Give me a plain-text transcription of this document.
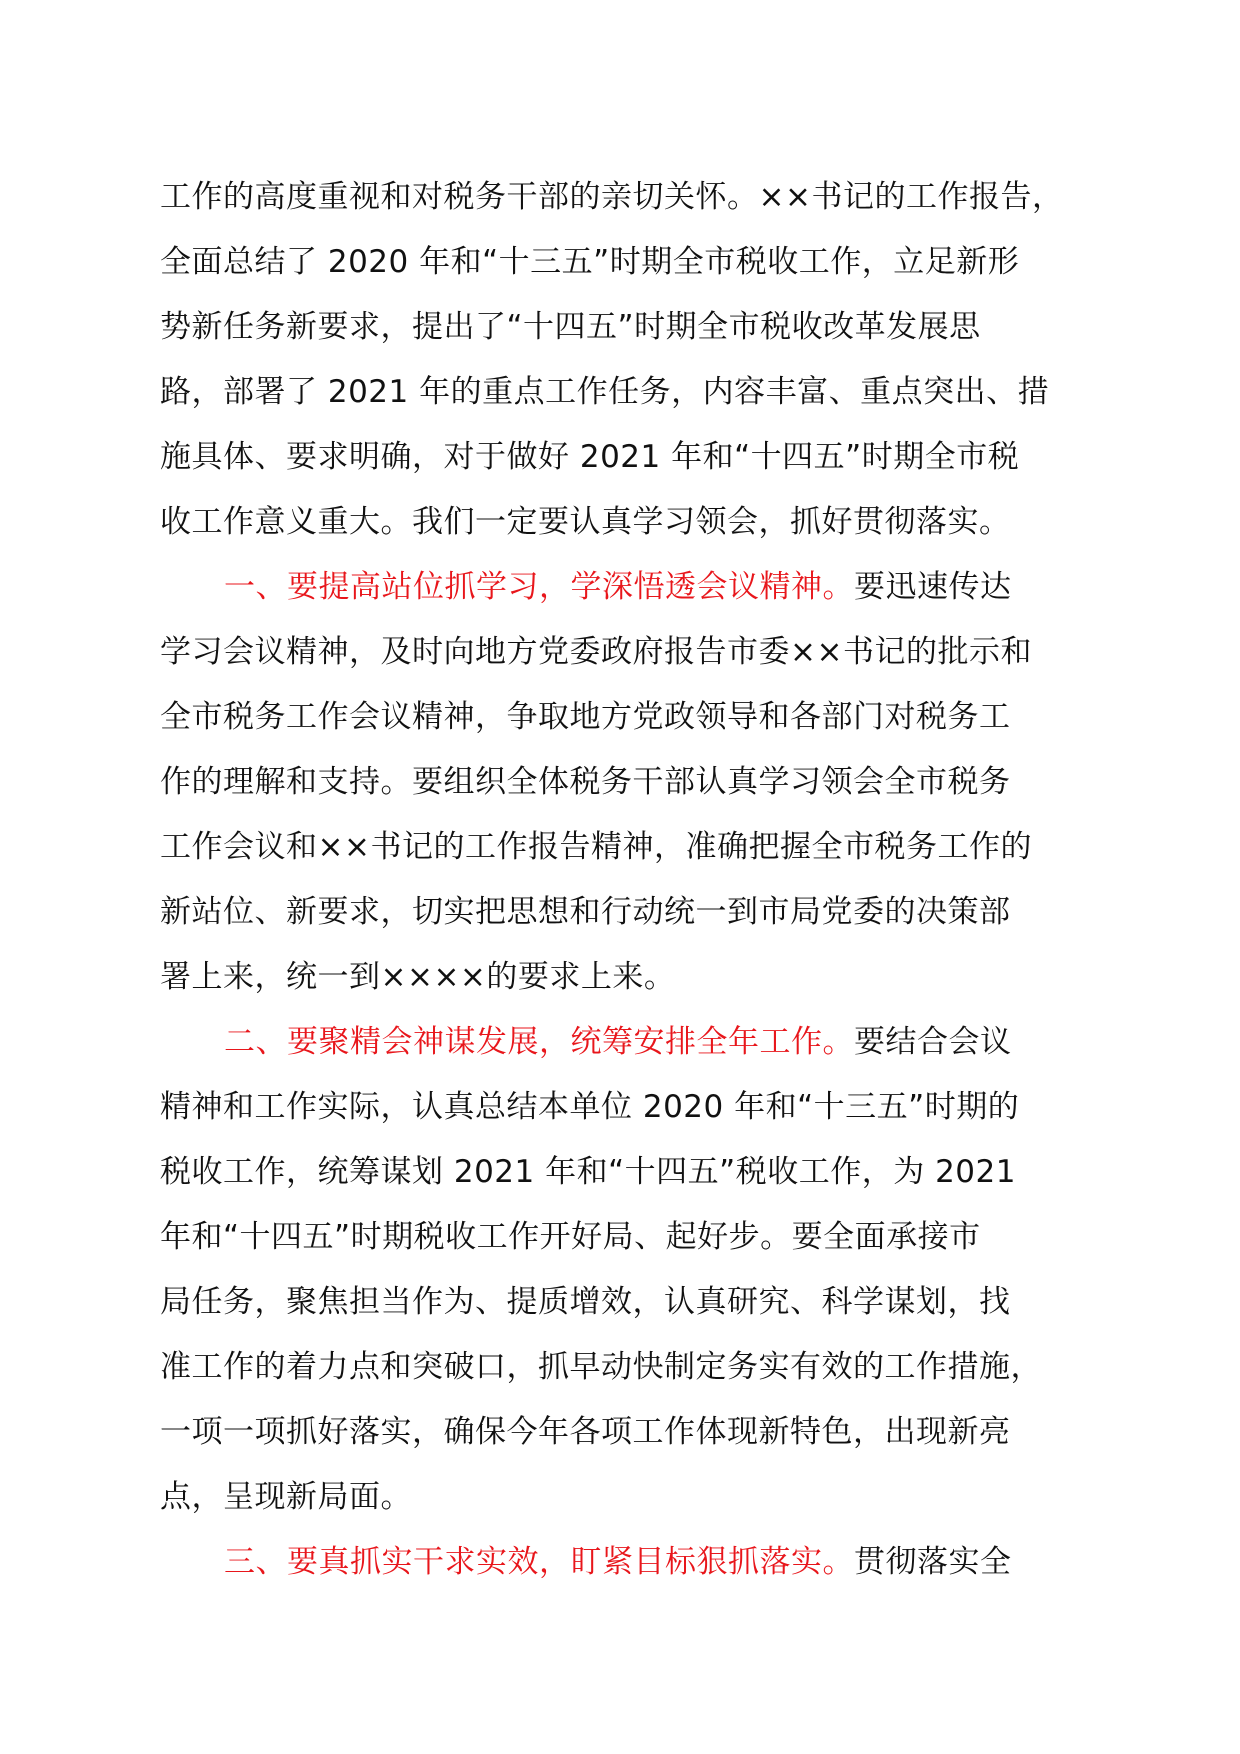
工作的高度重视和对税务干部的亲切关怀。××书记的工作报告，
全面总结了 2020 年和“十三五”时期全市税收工作，立足新形
势新任务新要求，提出了“十四五”时期全市税收改革发展思
路，部署了 2021 年的重点工作任务，内容丰富、重点突出、措
施具体、要求明确，对于做好 2021 年和“十四五”时期全市税
收工作意义重大。我们一定要认真学习领会，抓好贯彻落实。
一、要提高站位抓学习，学深悟透会议精神。要迅速传达
学习会议精神，及时向地方党委政府报告市委××书记的批示和
全市税务工作会议精神，争取地方党政领导和各部门对税务工
作的理解和支持。要组织全体税务干部认真学习领会全市税务
工作会议和××书记的工作报告精神，准确把握全市税务工作的
新站位、新要求，切实把思想和行动统一到市局党委的决策部
署上来，统一到××××的要求上来。
二、要聚精会神谋发展，统筹安排全年工作。要结合会议
精神和工作实际，认真总结本单位 2020 年和“十三五”时期的
税收工作，统筹谋划 2021 年和“十四五”税收工作，为 2021
年和“十四五”时期税收工作开好局、起好步。要全面承接市
局任务，聚焦担当作为、提质增效，认真研究、科学谋划，找
准工作的着力点和突破口，抓早动快制定务实有效的工作措施，
一项一项抓好落实，确保今年各项工作体现新特色，出现新亮
点，呈现新局面。
三、要真抓实干求实效，盯紧目标狠抓落实。贯彻落实全
